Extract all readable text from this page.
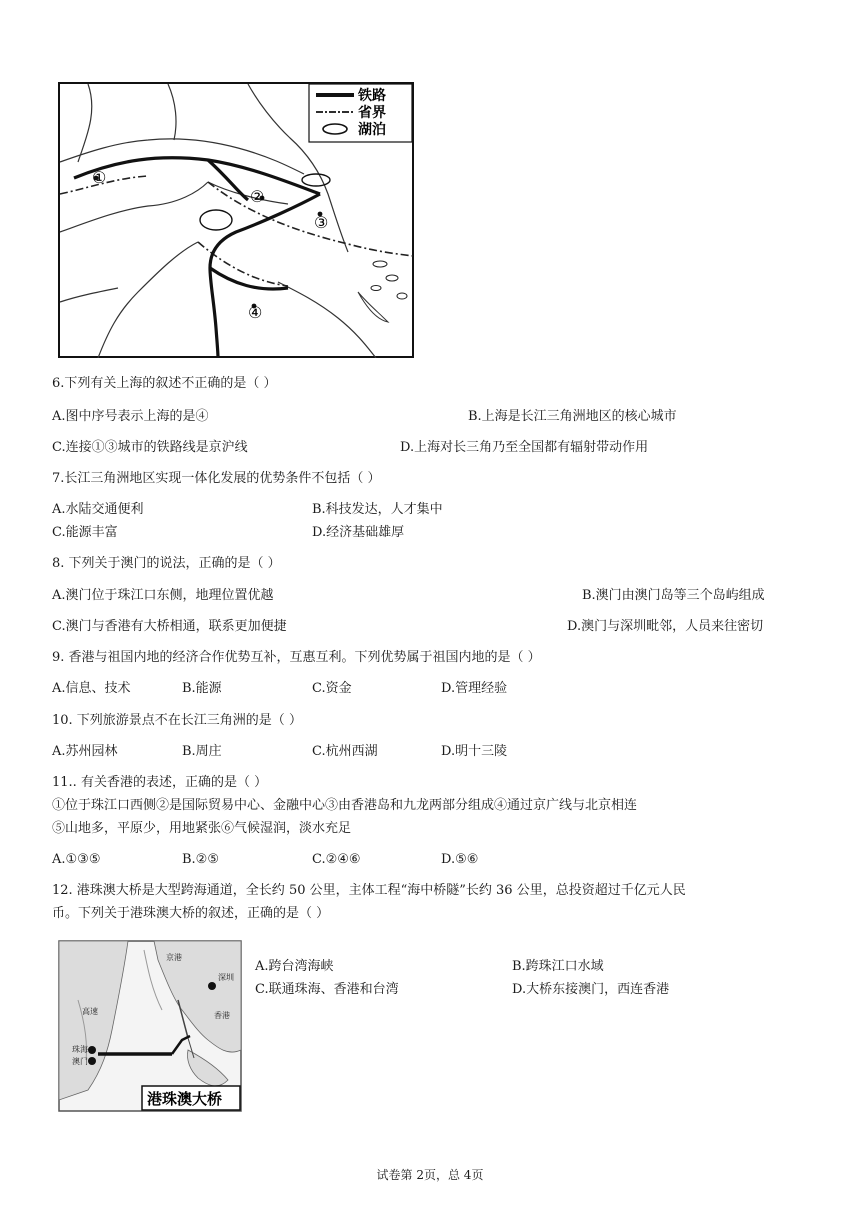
①
②
③
④
铁路
省界
湖泊
6.下列有关上海的叙述不正确的是（ ）
A.图中序号表示上海的是④	B.上海是长江三角洲地区的核心城市
C.连接①③城市的铁路线是京沪线	D.上海对长三角乃至全国都有辐射带动作用
7.长江三角洲地区实现一体化发展的优势条件不包括（ ）
A.水陆交通便利	B.科技发达，人才集中
C.能源丰富	D.经济基础雄厚
8. 下列关于澳门的说法，正确的是（ ）
A.澳门位于珠江口东侧，地理位置优越	B.澳门由澳门岛等三个岛屿组成
C.澳门与香港有大桥相通，联系更加便捷	D.澳门与深圳毗邻，人员来往密切
9. 香港与祖国内地的经济合作优势互补，互惠互利。下列优势属于祖国内地的是（ ）
A.信息、技术	B.能源	C.资金	D.管理经验
10. 下列旅游景点不在长江三角洲的是（ ）
A.苏州园林	B.周庄	C.杭州西湖	D.明十三陵
11.. 有关香港的表述，正确的是（ ）
①位于珠江口西侧②是国际贸易中心、金融中心③由香港岛和九龙两部分组成④通过京广线与北京相连
⑤山地多，平原少，用地紧张⑥气候湿润，淡水充足
A.①③⑤	B.②⑤	C.②④⑥	D.⑤⑥
12. 港珠澳大桥是大型跨海通道，全长约 50 公里，主体工程“海中桥隧”长约 36 公里，总投资超过千亿元人民
币。下列关于港珠澳大桥的叙述，正确的是（ ）
A.跨台湾海峡	B.跨珠江口水域
C.联通珠海、香港和台湾	D.大桥东接澳门，西连香港
深圳
香港
珠海
澳门
京港
高速
港珠澳大桥
试卷第 2页，总 4页
